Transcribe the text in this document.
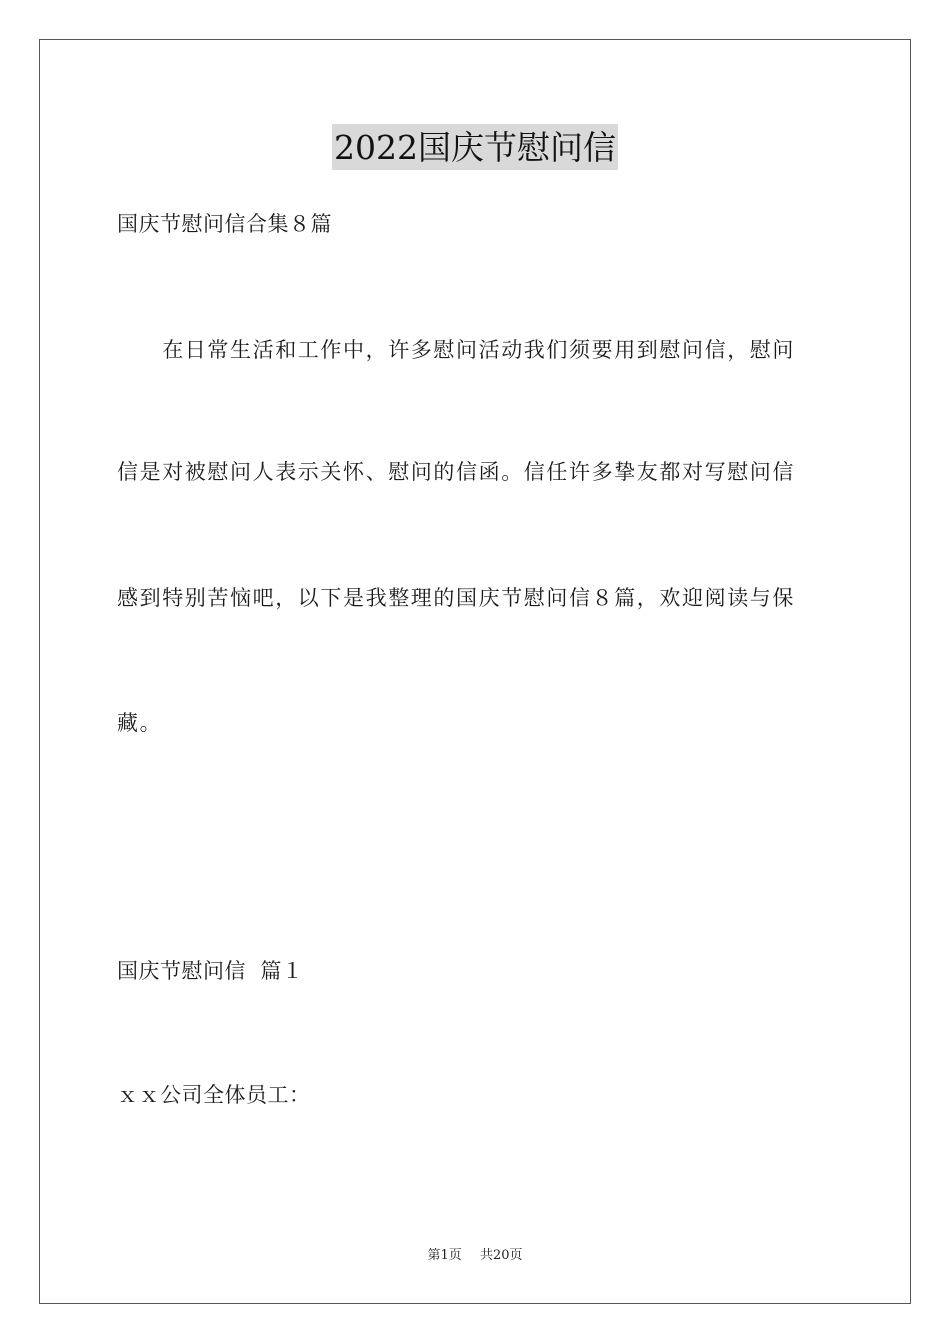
2022国庆节慰问信
国庆节慰问信合集８篇
　　在日常生活和工作中，许多慰问活动我们须要用到慰问信，慰问
信是对被慰问人表示关怀、慰问的信函。信任许多挚友都对写慰问信
感到特别苦恼吧，以下是我整理的国庆节慰问信８篇，欢迎阅读与保
藏。
国庆节慰问信  篇１
ｘｘ公司全体员工：
第1页 共20页
